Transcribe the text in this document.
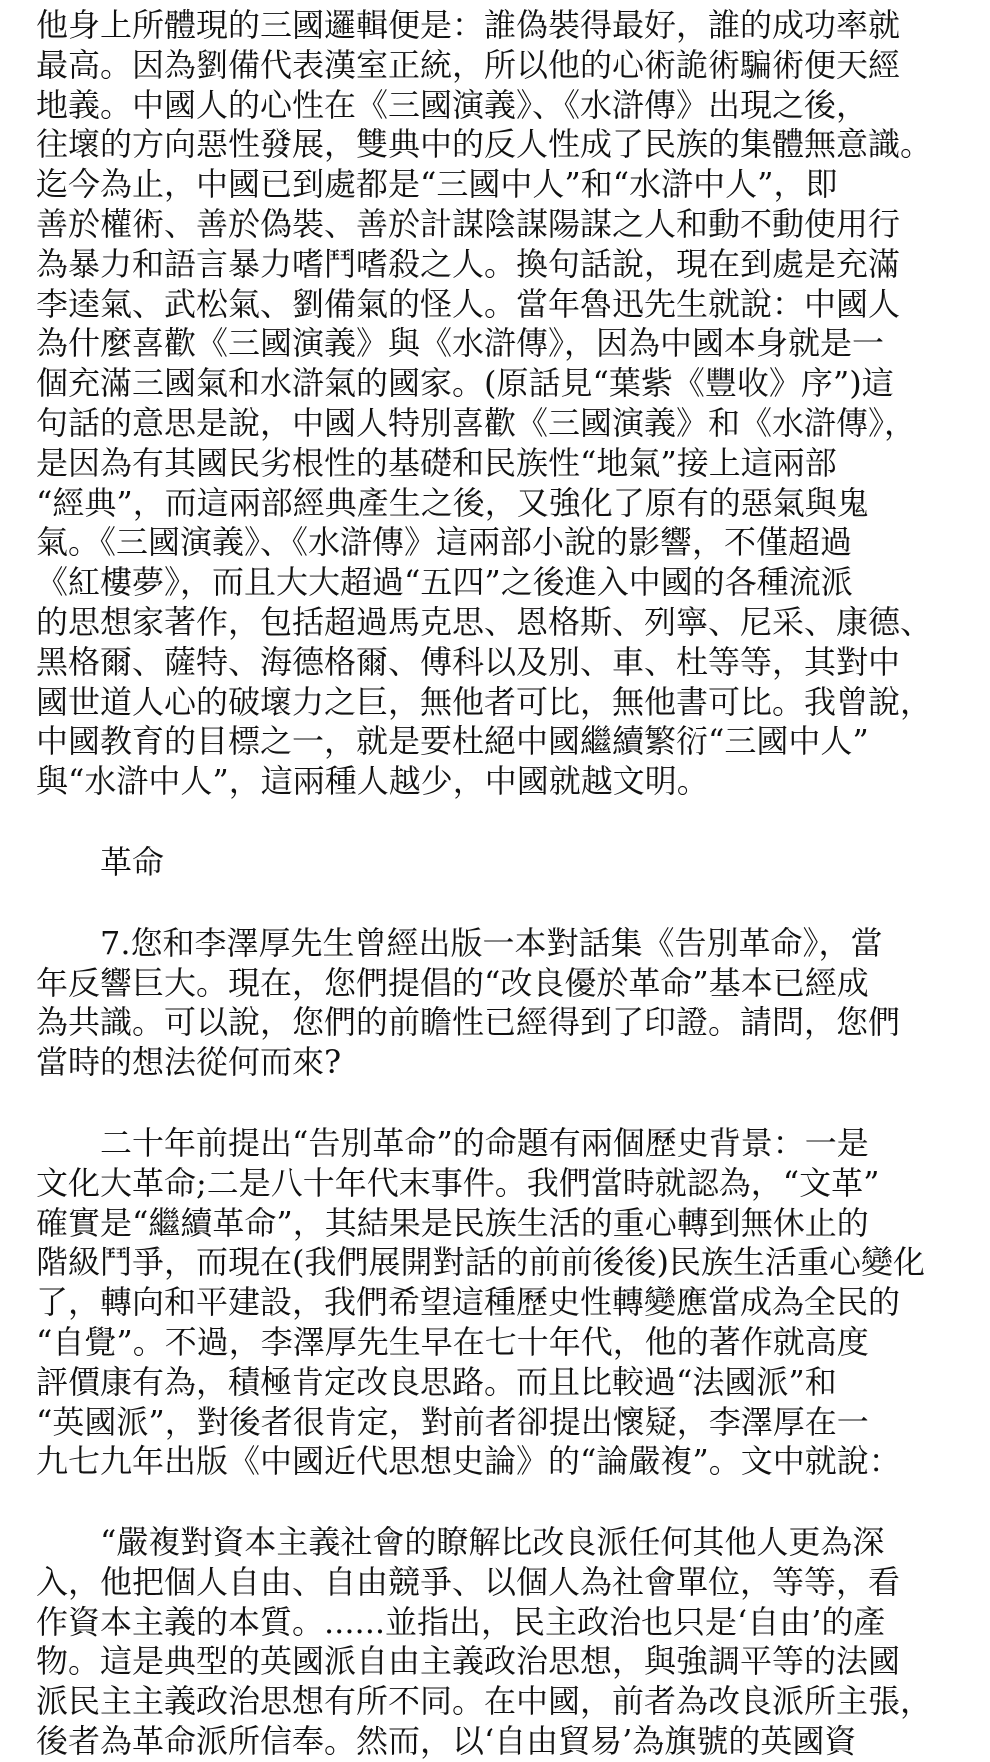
他身上所體現的三國邏輯便是：誰偽裝得最好，誰的成功率就
最高。因為劉備代表漢室正統，所以他的心術詭術騙術便天經
地義。中國人的心性在《三國演義》、《水滸傳》出現之後，
往壞的方向惡性發展，雙典中的反人性成了民族的集體無意識。
迄今為止，中國已到處都是“三國中人”和“水滸中人”，即
善於權術、善於偽裝、善於計謀陰謀陽謀之人和動不動使用行
為暴力和語言暴力嗜鬥嗜殺之人。換句話說，現在到處是充滿
李逵氣、武松氣、劉備氣的怪人。當年魯迅先生就說：中國人
為什麼喜歡《三國演義》與《水滸傳》，因為中國本身就是一
個充滿三國氣和水滸氣的國家。(原話見“葉紫《豐收》序”)這
句話的意思是說，中國人特別喜歡《三國演義》和《水滸傳》，
是因為有其國民劣根性的基礎和民族性“地氣”接上這兩部
“經典”，而這兩部經典產生之後，又強化了原有的惡氣與鬼
氣。《三國演義》、《水滸傳》這兩部小說的影響，不僅超過
《紅樓夢》，而且大大超過“五四”之後進入中國的各種流派
的思想家著作，包括超過馬克思、恩格斯、列寧、尼采、康德、
黑格爾、薩特、海德格爾、傅科以及別、車、杜等等，其對中
國世道人心的破壞力之巨，無他者可比，無他書可比。我曾說，
中國教育的目標之一，就是要杜絕中國繼續繁衍“三國中人”
與“水滸中人”，這兩種人越少，中國就越文明。
革命
7.您和李澤厚先生曾經出版一本對話集《告別革命》，當
年反響巨大。現在，您們提倡的“改良優於革命”基本已經成
為共識。可以說，您們的前瞻性已經得到了印證。請問，您們
當時的想法從何而來?
二十年前提出“告別革命”的命題有兩個歷史背景：一是
文化大革命;二是八十年代末事件。我們當時就認為，“文革”
確實是“繼續革命”，其結果是民族生活的重心轉到無休止的
階級鬥爭，而現在(我們展開對話的前前後後)民族生活重心變化
了，轉向和平建設，我們希望這種歷史性轉變應當成為全民的
“自覺”。不過，李澤厚先生早在七十年代，他的著作就高度
評價康有為，積極肯定改良思路。而且比較過“法國派”和
“英國派”，對後者很肯定，對前者卻提出懷疑，李澤厚在一
九七九年出版《中國近代思想史論》的“論嚴複”。文中就說：
“嚴複對資本主義社會的瞭解比改良派任何其他人更為深
入，他把個人自由、自由競爭、以個人為社會單位，等等，看
作資本主義的本質。......並指出，民主政治也只是‘自由’的產
物。這是典型的英國派自由主義政治思想，與強調平等的法國
派民主主義政治思想有所不同。在中國，前者為改良派所主張，
後者為革命派所信奉。然而，以‘自由貿易’為旗號的英國資
